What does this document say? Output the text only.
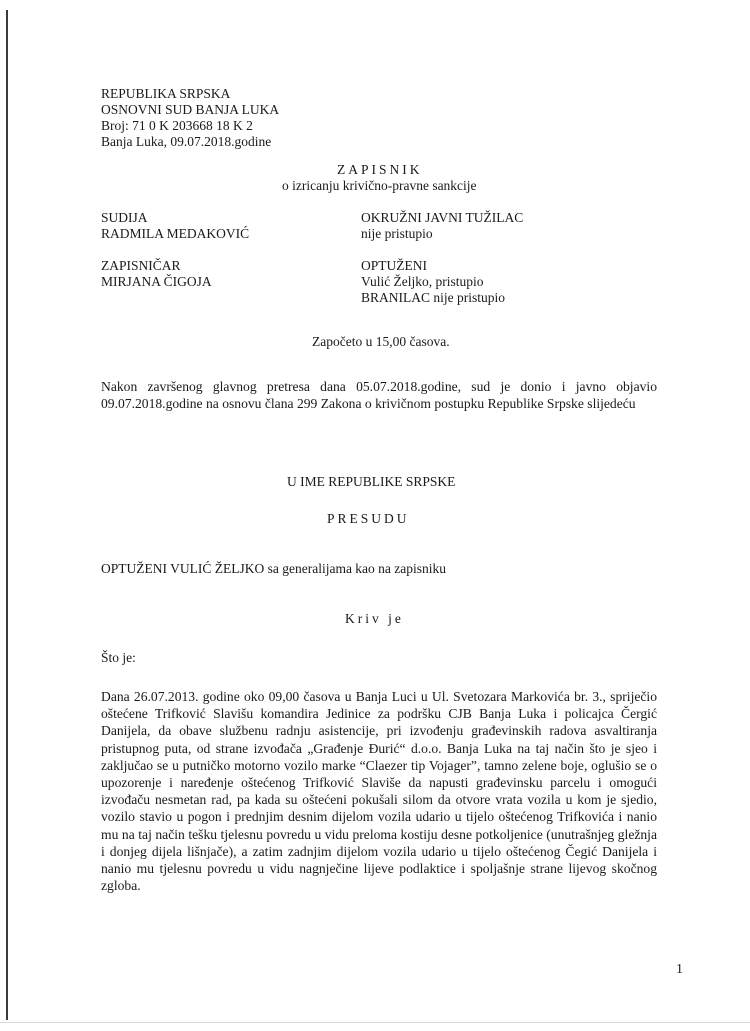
REPUBLIKA SRPSKA
OSNOVNI SUD BANJA LUKA
Broj: 71 0 K 203668 18 K 2
Banja Luka, 09.07.2018.godine
ZAPISNIK
o izricanju krivično-pravne sankcije
SUDIJA
RADMILA MEDAKOVIĆ
OKRUŽNI JAVNI TUŽILAC
nije pristupio
ZAPISNIČAR
MIRJANA ČIGOJA
OPTUŽENI
Vulić Željko, pristupio
BRANILAC nije pristupio
Započeto u 15,00 časova.
Nakon završenog glavnog pretresa dana 05.07.2018.godine, sud je donio i javno objavio 09.07.2018.godine na osnovu člana 299 Zakona o krivičnom postupku Republike Srpske slijedeću
U IME REPUBLIKE SRPSKE
PRESUDU
OPTUŽENI VULIĆ ŽELJKO sa generalijama kao na zapisniku
Kriv je
Što je:
Dana 26.07.2013. godine oko 09,00 časova u Banja Luci u Ul. Svetozara Markovića br. 3., spriječio oštećene Trifković Slavišu komandira Jedinice za podršku CJB Banja Luka i policajca Čergić Danijela, da obave službenu radnju asistencije, pri izvođenju građevinskih radova asvaltiranja pristupnog puta, od strane izvođača „Građenje Đurić“ d.o.o. Banja Luka na taj način što je sjeo i zaključao se u putničko motorno vozilo marke “Claezer tip Vojager”, tamno zelene boje, oglušio se o upozorenje i naređenje oštećenog Trifković Slaviše da napusti građevinsku parcelu i omogući izvođaču nesmetan rad, pa kada su oštećeni pokušali silom da otvore vrata vozila u kom je sjedio, vozilo stavio u pogon i prednjim desnim dijelom vozila udario u tijelo oštećenog Trifkovića i nanio mu na taj način tešku tjelesnu povredu u vidu preloma kostiju desne potkoljenice (unutrašnjeg gležnja i donjeg dijela lišnjače), a zatim zadnjim dijelom vozila udario u tijelo oštećenog Čegić Danijela i nanio mu tjelesnu povredu u vidu nagnječine lijeve podlaktice i spoljašnje strane lijevog skočnog zgloba.
1
